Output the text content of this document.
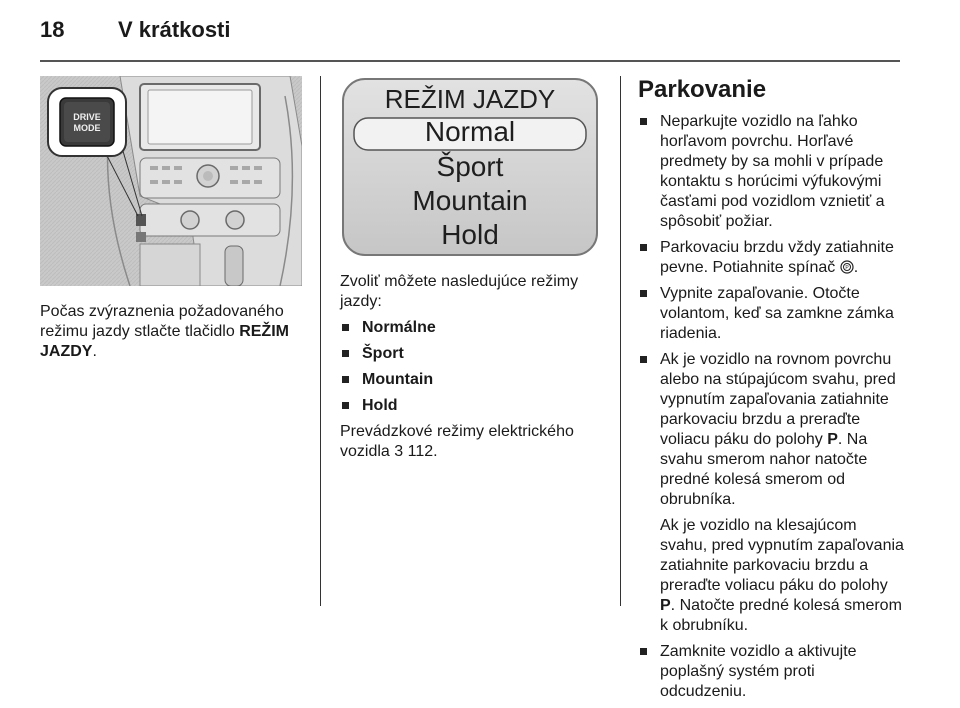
18 V krátkosti
DRIVE
MODE

Počas zvýraznenia požadovaného režimu jazdy stlačte tlačidlo REŽIM JAZDY.

REŽIM JAZDY
Normal
Šport
Mountain
Hold

Zvoliť môžete nasledujúce režimy jazdy:

Normálne
Šport
Mountain
Hold

Prevádzkové režimy elektrického vozidla 3 112.

Parkovanie
Neparkujte vozidlo na ľahko horľavom povrchu. Horľavé predmety by sa mohli v prípade kontaktu s horúcimi výfukovými časťami pod vozidlom vznietiť a spôsobiť požiar.
Parkovaciu brzdu vždy zatiahnite pevne. Potiahnite spínač P .
Vypnite zapaľovanie. Otočte volantom, keď sa zamkne zámka riadenia.
Ak je vozidlo na rovnom povrchu alebo na stúpajúcom svahu, pred vypnutím zapaľovania zatiahnite parkovaciu brzdu a preraďte voliacu páku do polohy P. Na svahu smerom nahor natočte predné kolesá smerom od obrubníka.
Ak je vozidlo na klesajúcom svahu, pred vypnutím zapaľovania zatiahnite parkovaciu brzdu a preraďte voliacu páku do polohy P. Natočte predné kolesá smerom k obrubníku.
Zamknite vozidlo a aktivujte poplašný systém proti odcudzeniu.
